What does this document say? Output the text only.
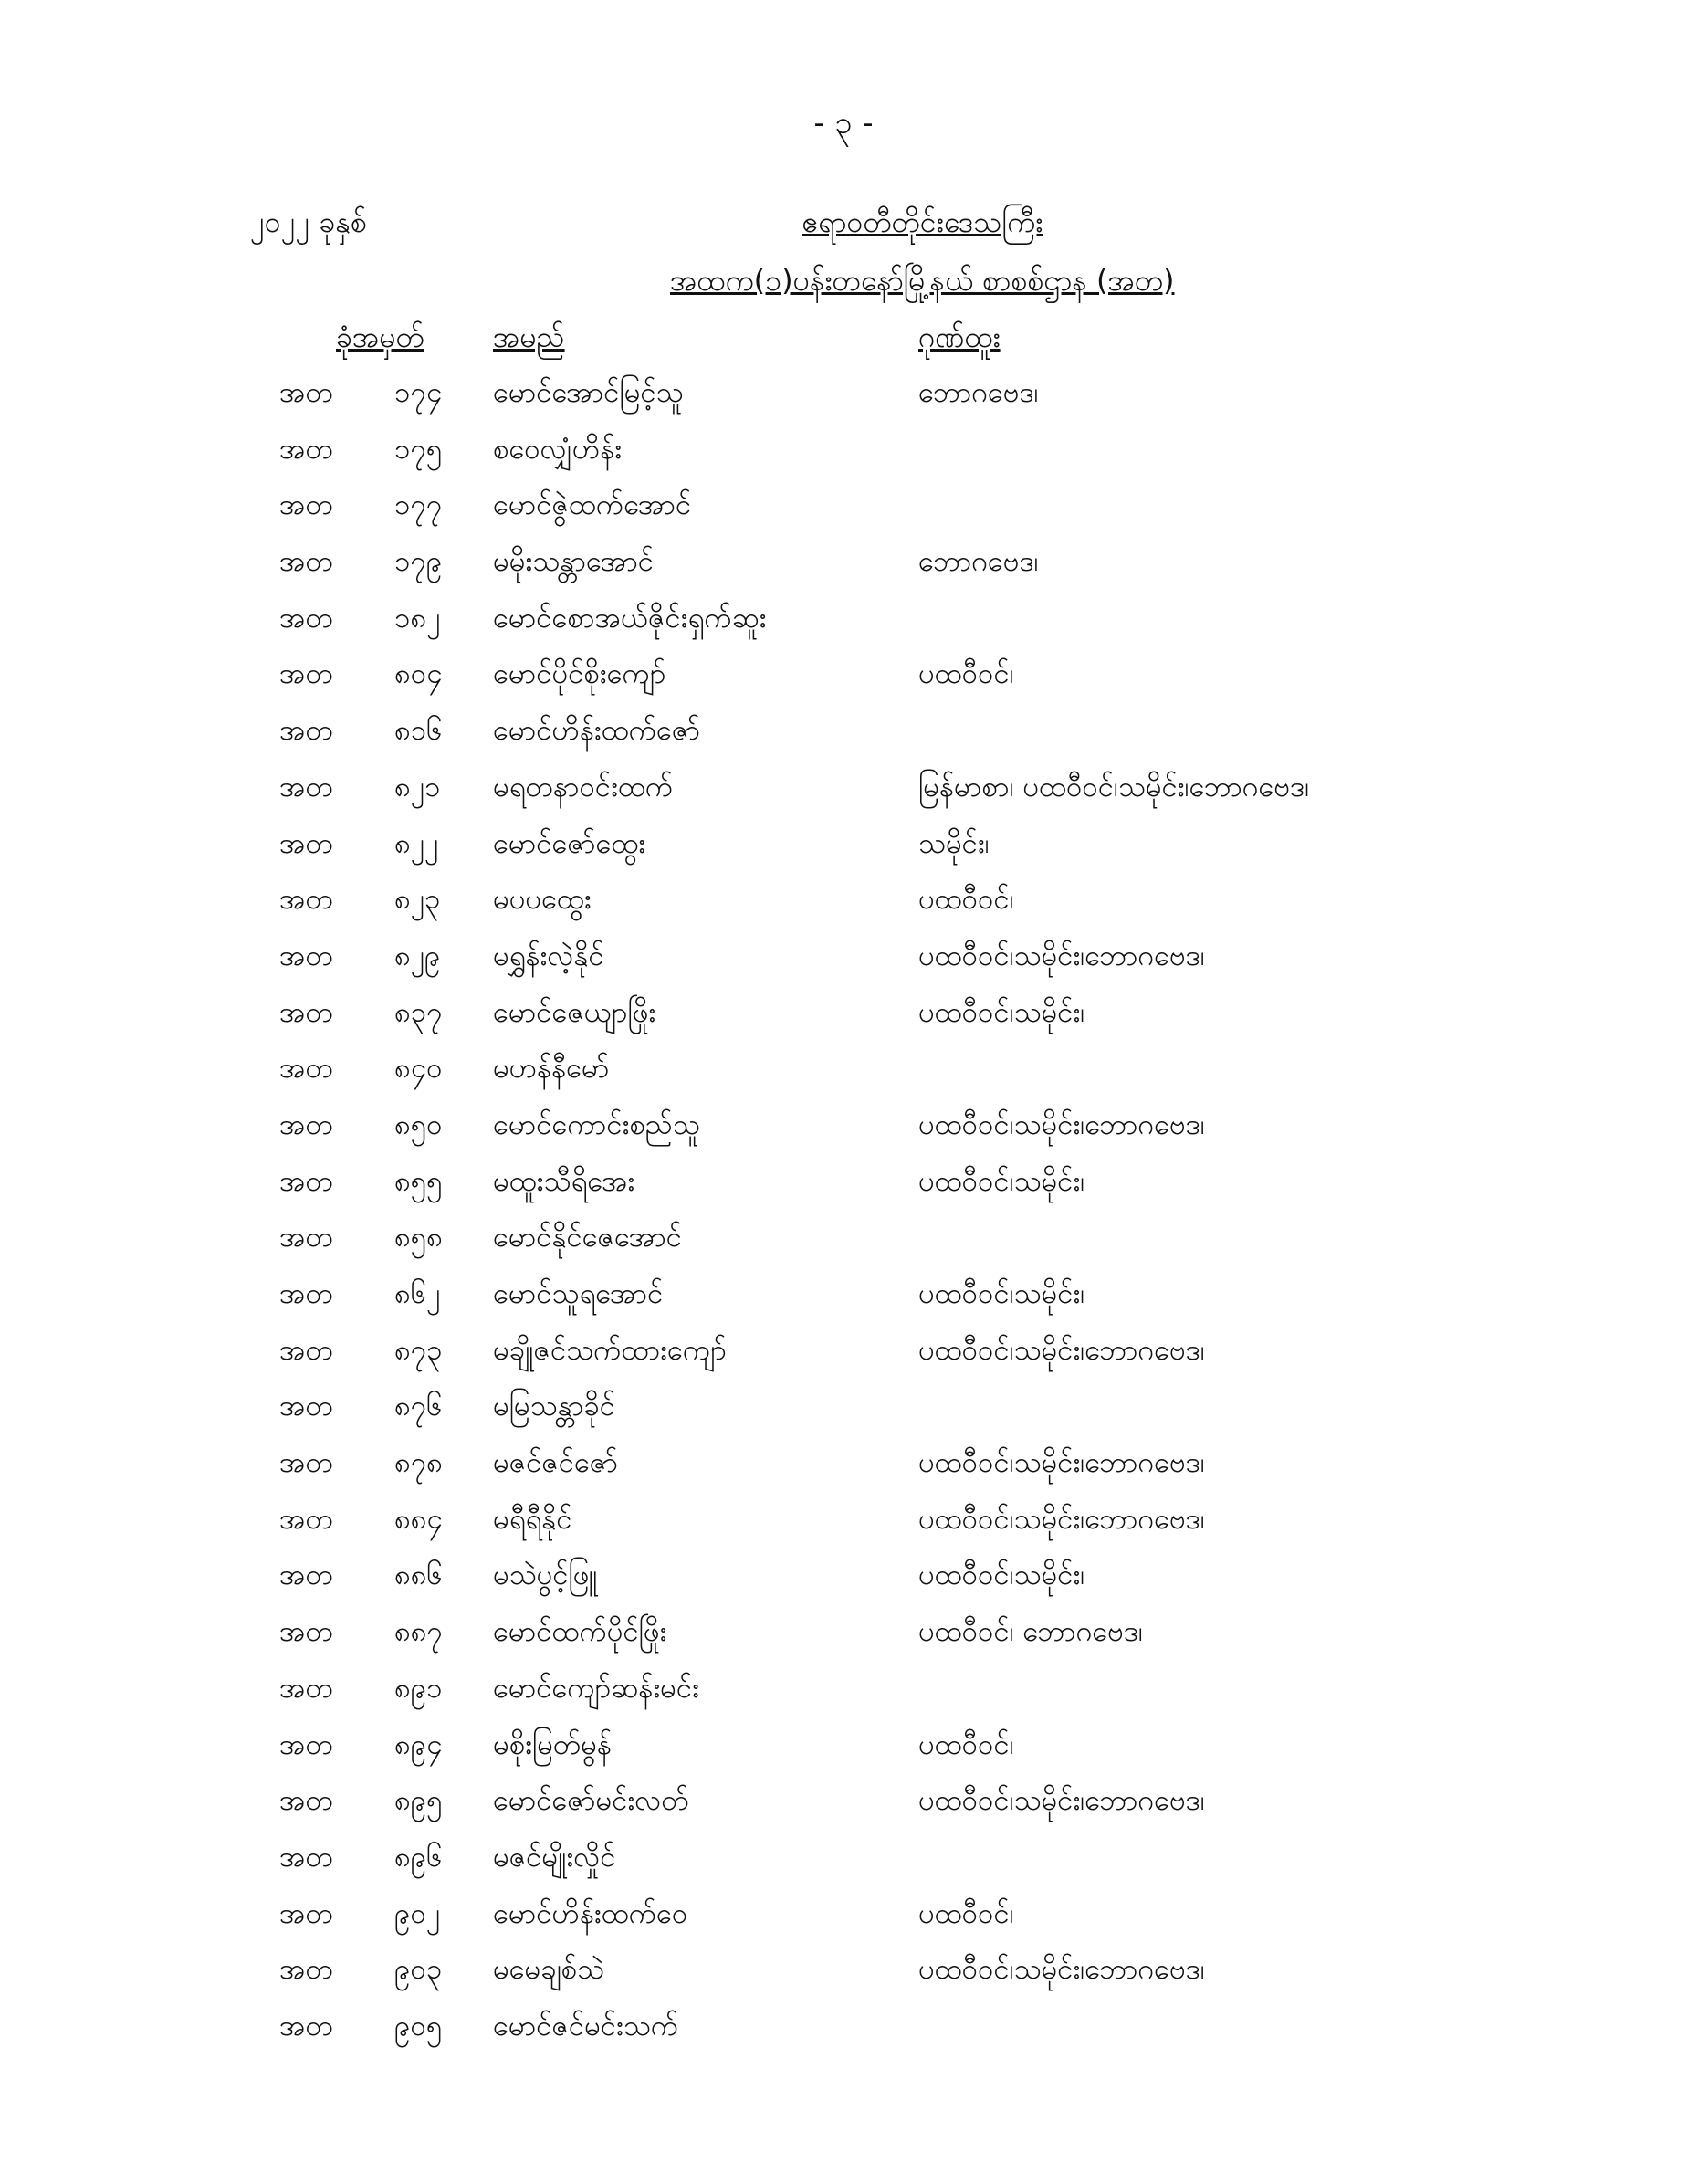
- ၃ -
၂၀၂၂ ခုနှစ်	ဧရာဝတီတိုင်းဒေသကြီး
အထက(၁)ပန်းတနော်မြို့နယ် စာစစ်ဌာန (အတ)
ခုံအမှတ် အမည်	ဂုဏ်ထူး
အတ ၁၇၄ မောင်အောင်မြင့်သူ	ဘောဂဗေဒ၊
အတ ၁၇၅ စဝေလျှံဟိန်း
အတ ၁၇၇ မောင်ဇွဲထက်အောင်
အတ ၁၇၉ မမိုးသန္တာအောင်	ဘောဂဗေဒ၊
အတ ၁၈၂ မောင်စောအယ်ဇိုင်းရှက်ဆူး
အတ ၈၀၄ မောင်ပိုင်စိုးကျော်	ပထဝီဝင်၊
အတ ၈၁၆ မောင်ဟိန်းထက်ဇော်
အတ ၈၂၁ မရတနာဝင်းထက်	မြန်မာစာ၊ ပထဝီဝင်၊သမိုင်း၊ဘောဂဗေဒ၊
အတ ၈၂၂ မောင်ဇော်ထွေး	သမိုင်း၊
အတ ၈၂၃ မပပထွေး	ပထဝီဝင်၊
အတ ၈၂၉ မရွှန်းလဲ့နိုင်	ပထဝီဝင်၊သမိုင်း၊ဘောဂဗေဒ၊
အတ ၈၃၇ မောင်ဇေယျာဖြိုး	ပထဝီဝင်၊သမိုင်း၊
အတ ၈၄၀ မဟန်နီမော်
အတ ၈၅၀ မောင်ကောင်းစည်သူ	ပထဝီဝင်၊သမိုင်း၊ဘောဂဗေဒ၊
အတ ၈၅၅ မထူးသီရိအေး	ပထဝီဝင်၊သမိုင်း၊
အတ ၈၅၈ မောင်နိုင်ဇေအောင်
အတ ၈၆၂ မောင်သူရအောင်	ပထဝီဝင်၊သမိုင်း၊
အတ ၈၇၃ မချိုဇင်သက်ထားကျော်	ပထဝီဝင်၊သမိုင်း၊ဘောဂဗေဒ၊
အတ ၈၇၆ မမြသန္တာခိုင်
အတ ၈၇၈ မဇင်ဇင်ဇော်	ပထဝီဝင်၊သမိုင်း၊ဘောဂဗေဒ၊
အတ ၈၈၄ မရီရီနိုင်	ပထဝီဝင်၊သမိုင်း၊ဘောဂဗေဒ၊
အတ ၈၈၆ မသဲပွင့်ဖြူ	ပထဝီဝင်၊သမိုင်း၊
အတ ၈၈၇ မောင်ထက်ပိုင်ဖြိုး	ပထဝီဝင်၊ ဘောဂဗေဒ၊
အတ ၈၉၁ မောင်ကျော်ဆန်းမင်း
အတ ၈၉၄ မစိုးမြတ်မွန်	ပထဝီဝင်၊
အတ ၈၉၅ မောင်ဇော်မင်းလတ်	ပထဝီဝင်၊သမိုင်း၊ဘောဂဗေဒ၊
အတ ၈၉၆ မဇင်မျိုးလှိုင်
အတ ၉၀၂ မောင်ဟိန်းထက်ဝေ	ပထဝီဝင်၊
အတ ၉၀၃ မမေချစ်သဲ	ပထဝီဝင်၊သမိုင်း၊ဘောဂဗေဒ၊
အတ ၉၀၅ မောင်ဇင်မင်းသက်
